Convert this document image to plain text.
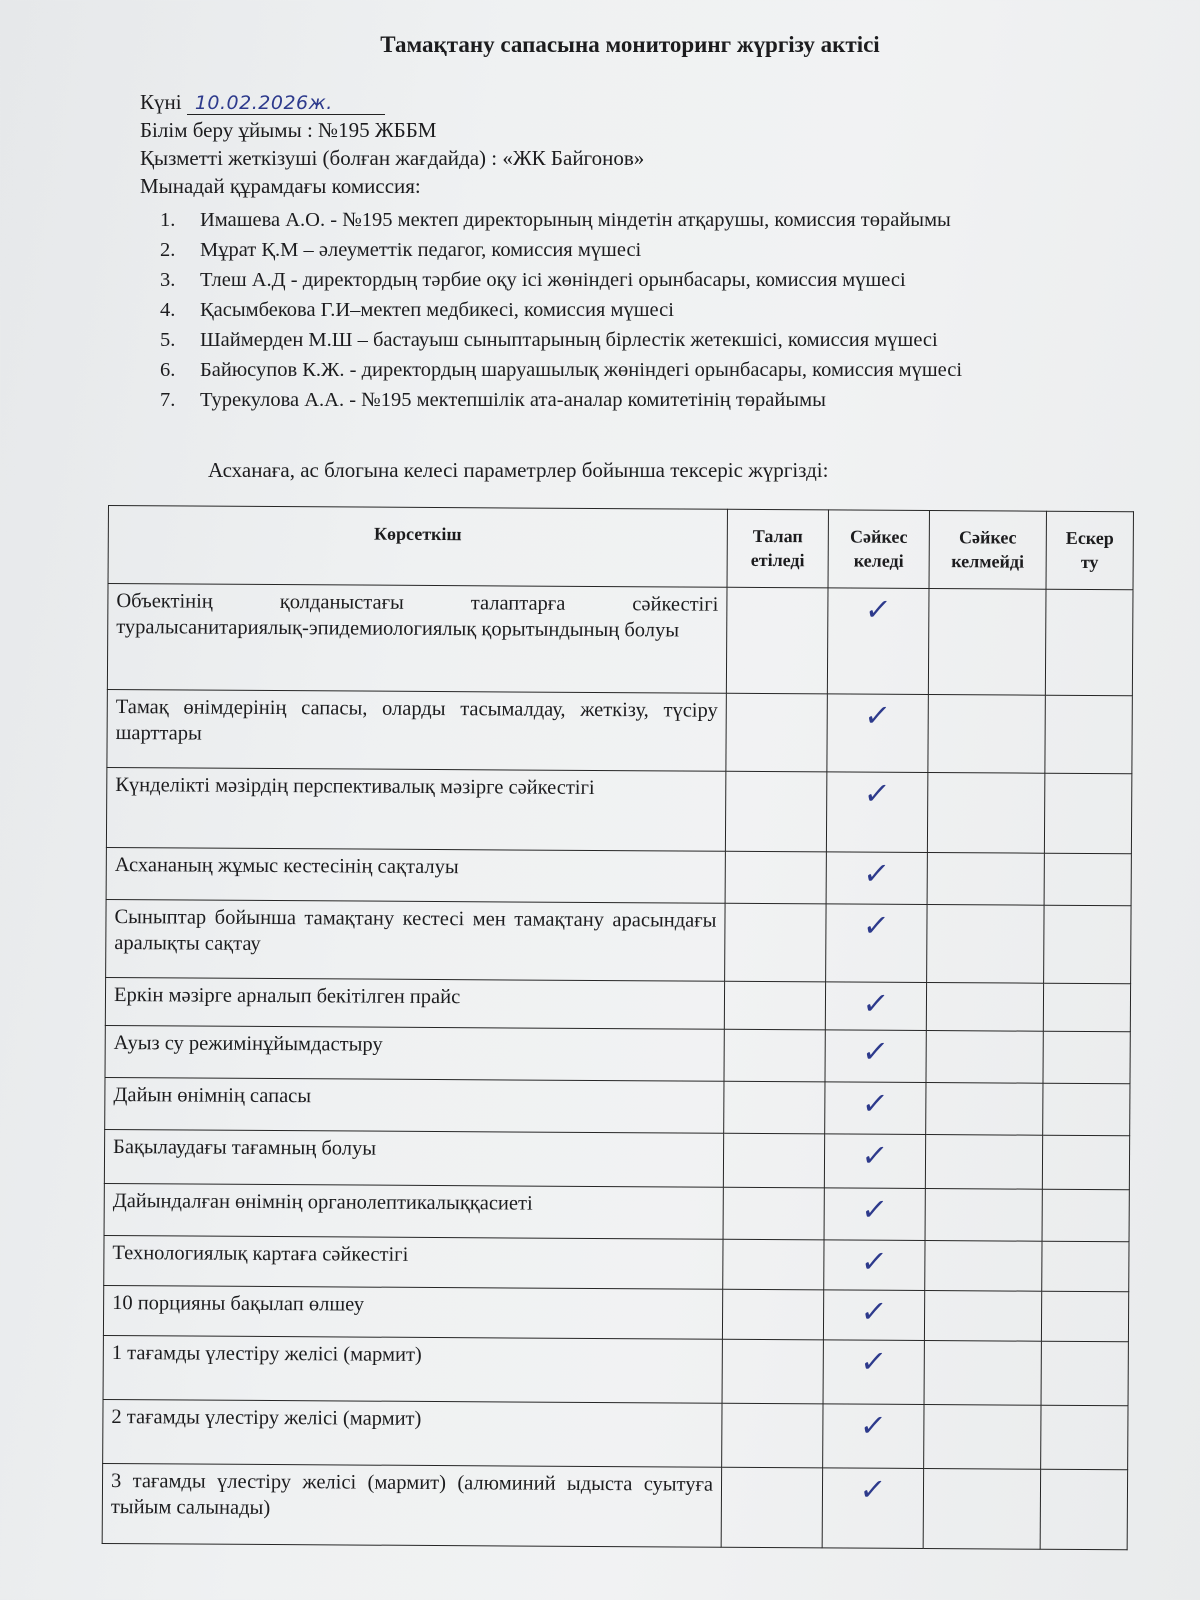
Тамақтану сапасына мониторинг жүргізу актісі
Күні 10.02.2026ж.
Білім беру ұйымы : №195 ЖББМ
Қызметті жеткізуші (болған жағдайда) : «ЖК Байгонов»
Мынадай құрамдағы комиссия:
1.	Имашева А.О. - №195 мектеп директорының міндетін атқарушы, комиссия төрайымы
2.	Мұрат Қ.М – әлеуметтік педагог, комиссия мүшесі
3.	Тлеш А.Д - директордың тәрбие оқу ісі жөніндегі орынбасары, комиссия мүшесі
4.	Қасымбекова Г.И–мектеп медбикесі, комиссия мүшесі
5.	Шаймерден М.Ш – бастауыш сыныптарының бірлестік жетекшісі, комиссия мүшесі
6.	Байюсупов К.Ж. - директордың шаруашылық жөніндегі орынбасары, комиссия мүшесі
7.	Турекулова А.А. - №195 мектепшілік ата-аналар комитетінің төрайымы
Асханаға, ас блогына келесі параметрлер бойынша тексеріс жүргізді:
Көрсеткіш	Талап етіледі	Сәйкес келеді	Сәйкес келмейді	Ескер ту
Объектінің қолданыстағы талаптарға сәйкестігі туралысанитариялық-эпидемиологиялық қорытындының болуы		✓		
Тамақ өнімдерінің сапасы, оларды тасымалдау, жеткізу, түсіру шарттары		✓		
Күнделікті мәзірдің перспективалық мәзірге сәйкестігі		✓		
Асхананың жұмыс кестесінің сақталуы		✓		
Сыныптар бойынша тамақтану кестесі мен тамақтану арасындағы аралықты сақтау		✓		
Еркін мәзірге арналып бекітілген прайс		✓		
Ауыз су режимінұйымдастыру		✓		
Дайын өнімнің сапасы		✓		
Бақылаудағы тағамның болуы		✓		
Дайындалған өнімнің органолептикалыққасиеті		✓		
Технологиялық картаға сәйкестігі		✓		
10 порцияны бақылап өлшеу		✓		
1 тағамды үлестіру желісі (мармит)		✓		
2 тағамды үлестіру желісі (мармит)		✓		
3 тағамды үлестіру желісі (мармит) (алюминий ыдыста суытуға тыйым салынады)		✓		
